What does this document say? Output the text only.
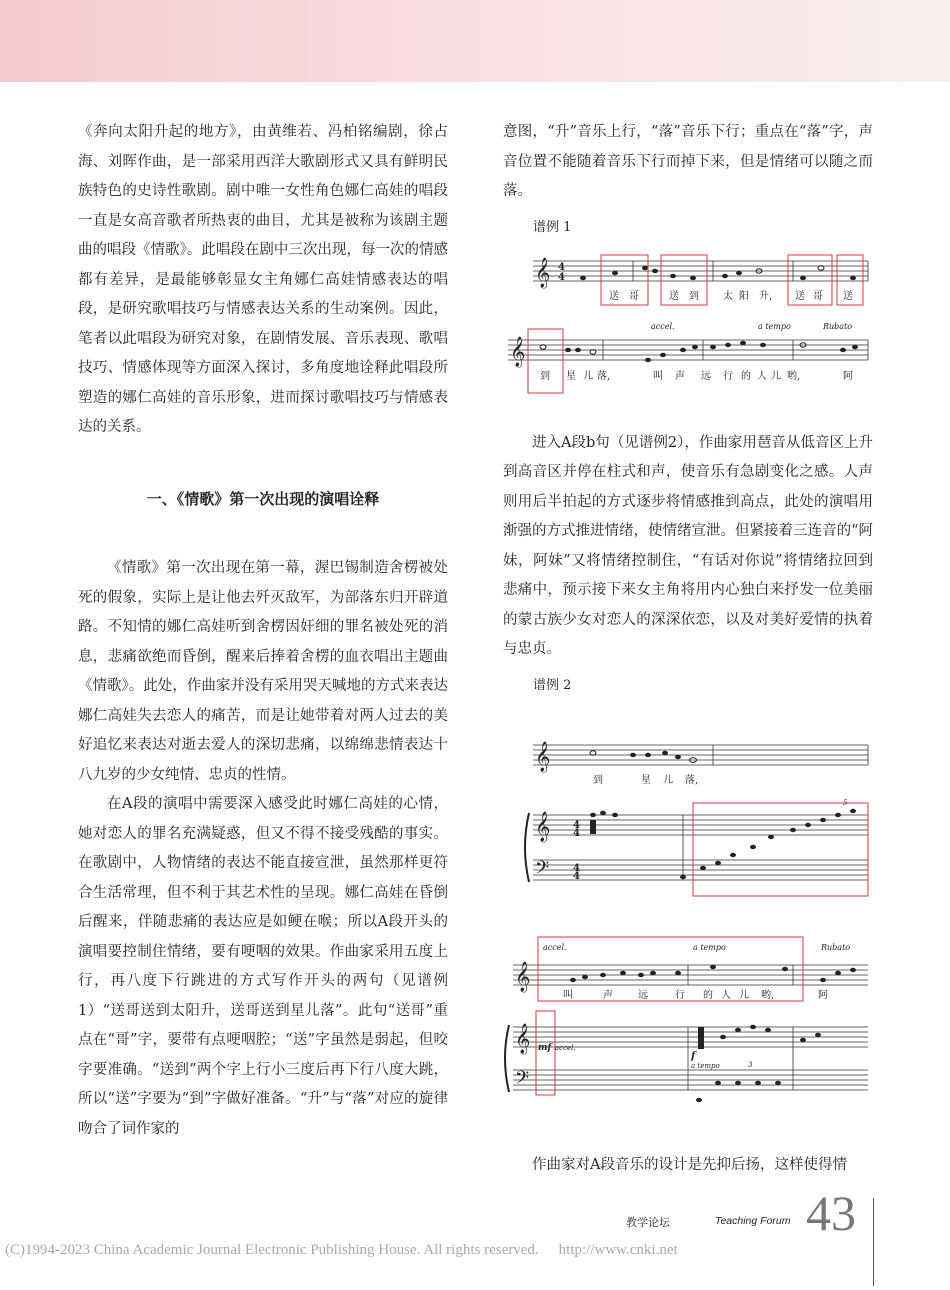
《奔向太阳升起的地方》，由黄维若、冯柏铭编剧，徐占海、刘晖作曲，是一部采用西洋大歌剧形式又具有鲜明民族特色的史诗性歌剧。剧中唯一女性角色娜仁高娃的唱段一直是女高音歌者所热衷的曲目，尤其是被称为该剧主题曲的唱段《情歌》。此唱段在剧中三次出现，每一次的情感都有差异，是最能够彰显女主角娜仁高娃情感表达的唱段，是研究歌唱技巧与情感表达关系的生动案例。因此，笔者以此唱段为研究对象，在剧情发展、音乐表现、歌唱技巧、情感体现等方面深入探讨，多角度地诠释此唱段所塑造的娜仁高娃的音乐形象，进而探讨歌唱技巧与情感表达的关系。

一、《情歌》第一次出现的演唱诠释

《情歌》第一次出现在第一幕，渥巴锡制造舍楞被处死的假象，实际上是让他去歼灭敌军，为部落东归开辟道路。不知情的娜仁高娃听到舍楞因奸细的罪名被处死的消息，悲痛欲绝而昏倒，醒来后捧着舍楞的血衣唱出主题曲《情歌》。此处，作曲家并没有采用哭天喊地的方式来表达娜仁高娃失去恋人的痛苦，而是让她带着对两人过去的美好追忆来表达对逝去爱人的深切悲痛，以绵绵悲情表达十八九岁的少女纯情、忠贞的性情。

在A段的演唱中需要深入感受此时娜仁高娃的心情，她对恋人的罪名充满疑惑，但又不得不接受残酷的事实。在歌剧中，人物情绪的表达不能直接宣泄，虽然那样更符合生活常理，但不利于其艺术性的呈现。娜仁高娃在昏倒后醒来，伴随悲痛的表达应是如鲠在喉；所以A段开头的演唱要控制住情绪，要有哽咽的效果。作曲家采用五度上行，再八度下行跳进的方式写作开头的两句（见谱例1）“送哥送到太阳升，送哥送到星儿落”。此句“送哥”重点在“哥”字，要带有点哽咽腔；“送”字虽然是弱起，但咬字要准确。“送到”两个字上行小三度后再下行八度大跳，所以“送”字要为“到”字做好准备。“升”与“落”对应的旋律吻合了词作家的

意图，“升”音乐上行，“落”音乐下行；重点在“落”字，声音位置不能随着音乐下行而掉下来，但是情绪可以随之而落。

谱例 1

𝄞
𝄞
4
4
accel.	a tempo	Rubato
送 哥	送 到 太 阳 升, 送 哥 送
到 星 儿 落,	叫 声 远 行 的 人 儿 哟,	阿

进入A段b句（见谱例2），作曲家用琶音从低音区上升到高音区并停在柱式和声，使音乐有急剧变化之感。人声则用后半拍起的方式逐步将情感推到高点，此处的演唱用渐强的方式推进情绪，使情绪宣泄。但紧接着三连音的“阿妹，阿妹”又将情绪控制住，“有话对你说”将情绪拉回到悲痛中，预示接下来女主角将用内心独白来抒发一位美丽的蒙古族少女对恋人的深深依恋，以及对美好爱情的执着与忠贞。

谱例 2

𝄞
𝄞
𝄢
𝄞
𝄞
𝄢
4
4
4
4
accel.	a tempo	Rubato
mf accel.
f
a tempo
5
3
到	星 儿 落,
叫	声	远	行 的 人 儿 哟,	阿

作曲家对A段音乐的设计是先抑后扬，这样使得情

教学论坛	Teaching Forum 43
(C)1994-2023 China Academic Journal Electronic Publishing House. All rights reserved. http://www.cnki.net
